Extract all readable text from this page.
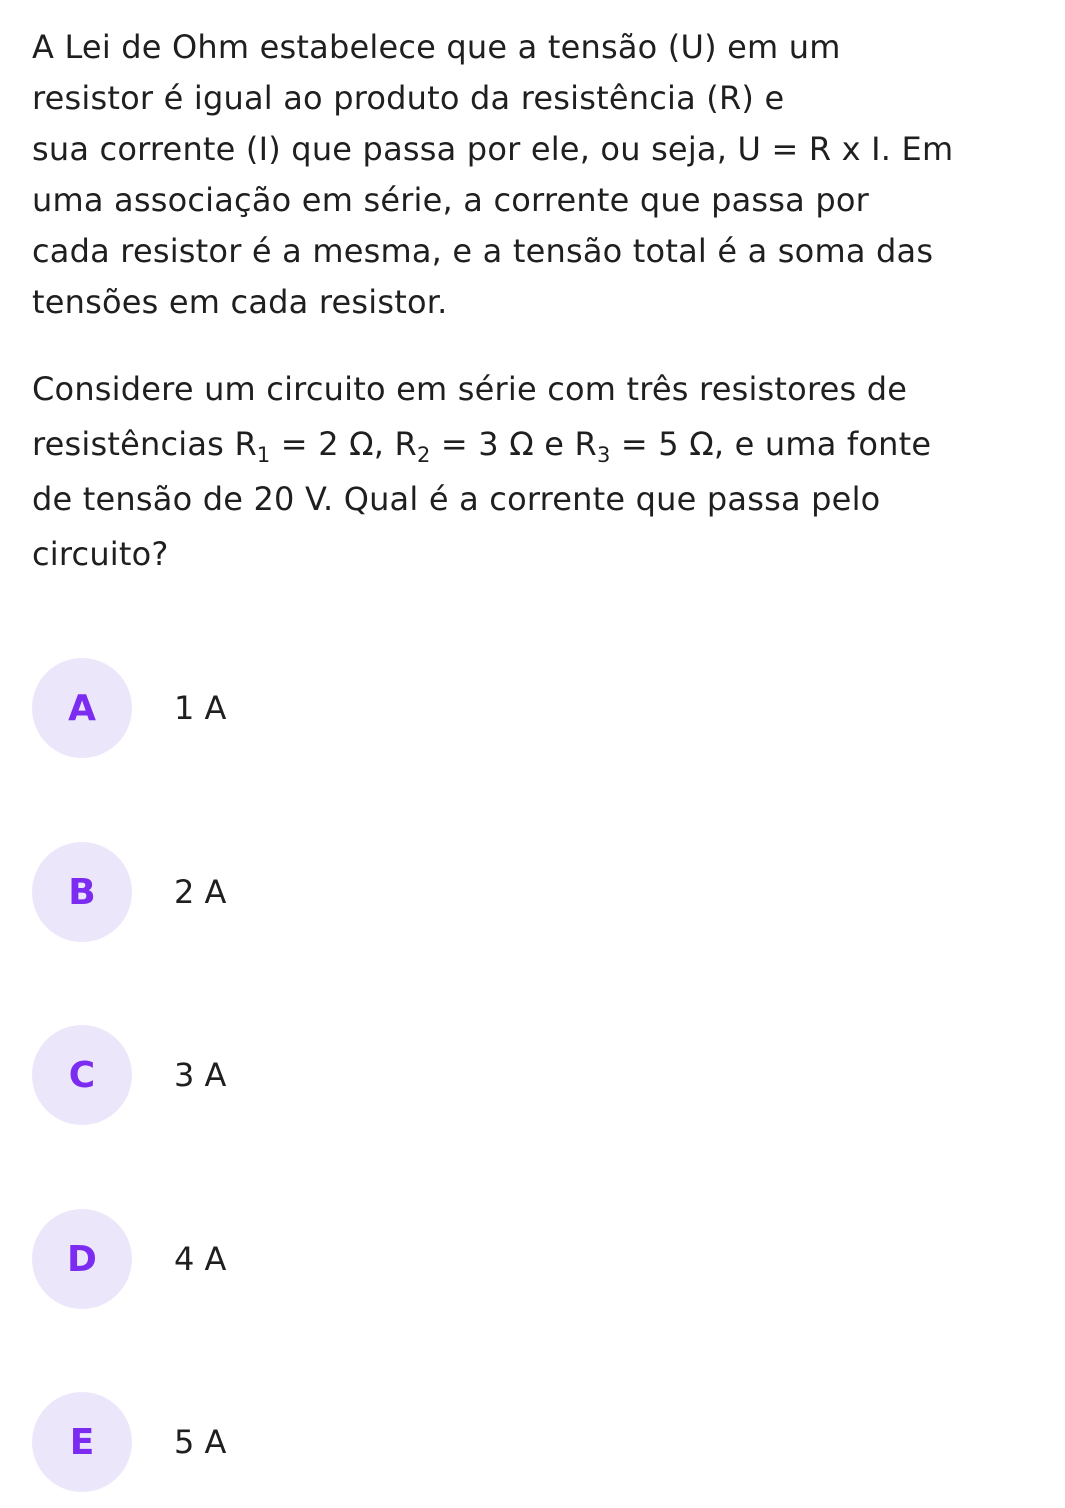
A Lei de Ohm estabelece que a tensão (U) em um
resistor é igual ao produto da resistência (R) e
sua corrente (I) que passa por ele, ou seja, U = R x I. Em
uma associação em série, a corrente que passa por
cada resistor é a mesma, e a tensão total é a soma das
tensões em cada resistor.

Considere um circuito em série com três resistores de
resistências $R_1 = 2$ Ω, $R_2 = 3$ Ω e $R_3 = 5$ Ω, e uma fonte
de tensão de 20 V. Qual é a corrente que passa pelo
circuito?

A	1 A
B	2 A
C	3 A
D	4 A
E	5 A
